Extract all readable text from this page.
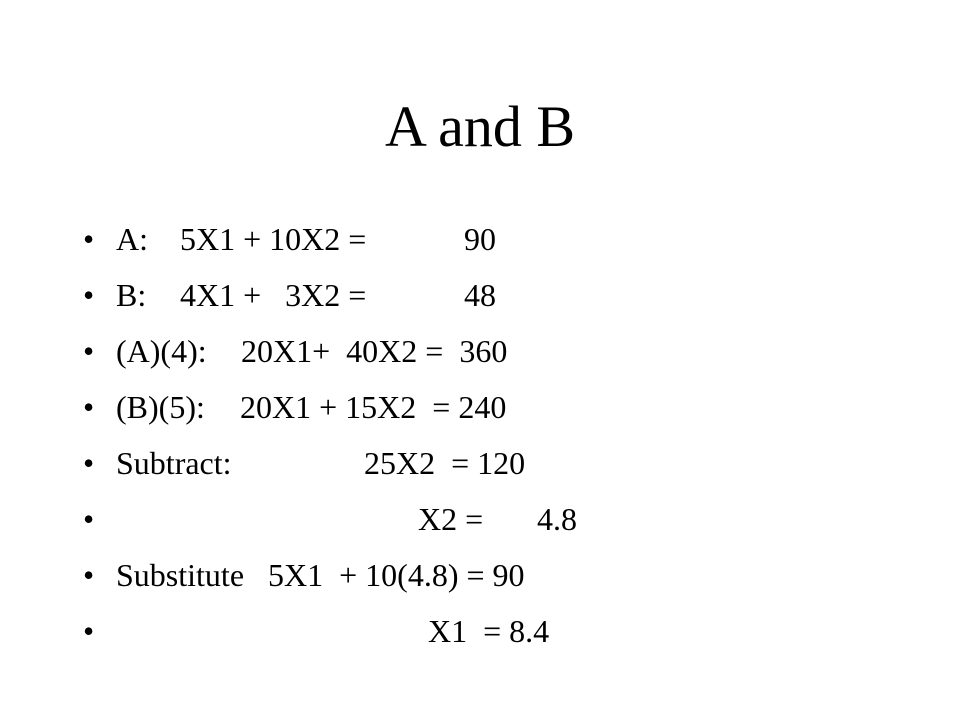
A and B
• A: 5X1 + 10X2 =	90
• B: 4X1 +   3X2 =	48
• (A)(4): 20X1+  40X2 =  360
• (B)(5): 20X1 + 15X2  = 240
• Subtract:	25X2  = 120
•	X2 = 4.8
• Substitute 5X1  + 10(4.8) = 90
•	X1  = 8.4
